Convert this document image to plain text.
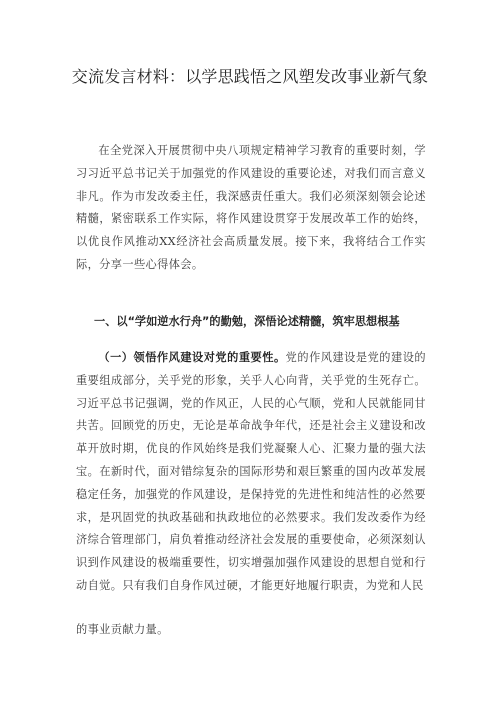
交流发言材料：以学思践悟之风塑发改事业新气象
在全党深入开展贯彻中央八项规定精神学习教育的重要时刻，学习习近平总书记关于加强党的作风建设的重要论述，对我们而言意义非凡。作为市发改委主任，我深感责任重大。我们必须深刻领会论述精髓，紧密联系工作实际，将作风建设贯穿于发展改革工作的始终，以优良作风推动XX经济社会高质量发展。接下来，我将结合工作实际，分享一些心得体会。
一、以“学如逆水行舟”的勤勉，深悟论述精髓，筑牢思想根基
（一）领悟作风建设对党的重要性。党的作风建设是党的建设的重要组成部分，关乎党的形象，关乎人心向背，关乎党的生死存亡。习近平总书记强调，党的作风正，人民的心气顺，党和人民就能同甘共苦。回顾党的历史，无论是革命战争年代，还是社会主义建设和改革开放时期，优良的作风始终是我们党凝聚人心、汇聚力量的强大法宝。在新时代，面对错综复杂的国际形势和艰巨繁重的国内改革发展稳定任务，加强党的作风建设，是保持党的先进性和纯洁性的必然要求，是巩固党的执政基础和执政地位的必然要求。我们发改委作为经济综合管理部门，肩负着推动经济社会发展的重要使命，必须深刻认识到作风建设的极端重要性，切实增强加强作风建设的思想自觉和行动自觉。只有我们自身作风过硬，才能更好地履行职责，为党和人民
的事业贡献力量。
